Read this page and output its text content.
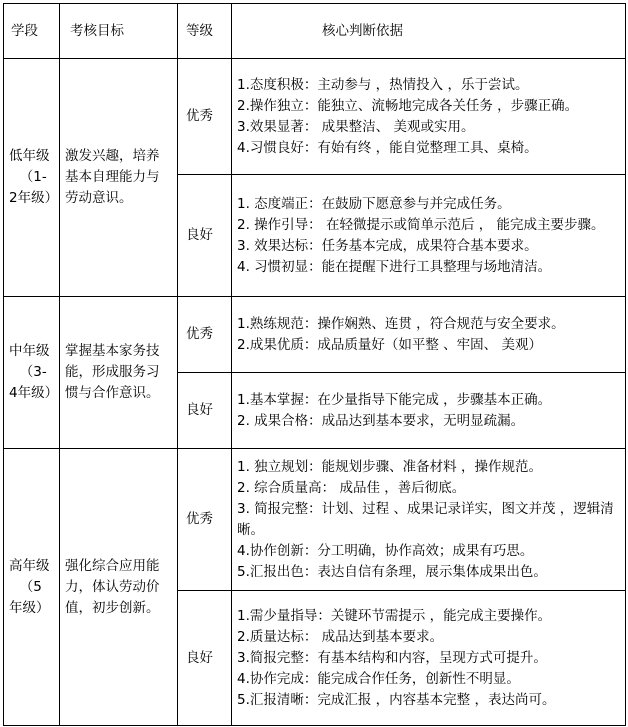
学段	考核目标	等级	核心判断依据

低年级
（1-2年级）	激发兴趣，培养基本自理能力与劳动意识。	优秀	1.态度积极：主动参与 ，热情投入 ，乐于尝试。
2.操作独立：能独立、流畅地完成各关任务 ，步骤正确。
3.效果显著： 成果整洁、 美观或实用。
4.习惯良好：有始有终 ，能自觉整理工具、桌椅。

		良好	1. 态度端正：在鼓励下愿意参与并完成任务。
2. 操作引导： 在轻微提示或简单示范后 ， 能完成主要步骤。
3. 效果达标：任务基本完成，成果符合基本要求。
4. 习惯初显：能在提醒下进行工具整理与场地清洁。

中年级
（3-4年级）	掌握基本家务技能，形成服务习惯与合作意识。	优秀	1.熟练规范：操作娴熟、连贯 ，符合规范与安全要求。
2.成果优质：成品质量好（如平整 、牢固、 美观）

		良好	1.基本掌握：在少量指导下能完成 ，步骤基本正确。
2. 成果合格：成品达到基本要求，无明显疏漏。

高年级
（5年级）	强化综合应用能力，体认劳动价值，初步创新。	优秀	1. 独立规划：能规划步骤、准备材料 ，操作规范。
2. 综合质量高： 成品佳 ，善后彻底。
3. 简报完整：计划、过程 、成果记录详实，图文并茂 ，逻辑清晰。
4.协作创新：分工明确，协作高效；成果有巧思。
5.汇报出色：表达自信有条理，展示集体成果出色。

		良好	1.需少量指导：关键环节需提示 ，能完成主要操作。
2.质量达标： 成品达到基本要求。
3.简报完整：有基本结构和内容，呈现方式可提升。
4.协作完成：能完成合作任务，创新性不明显。
5.汇报清晰：完成汇报 ，内容基本完整 ，表达尚可。
